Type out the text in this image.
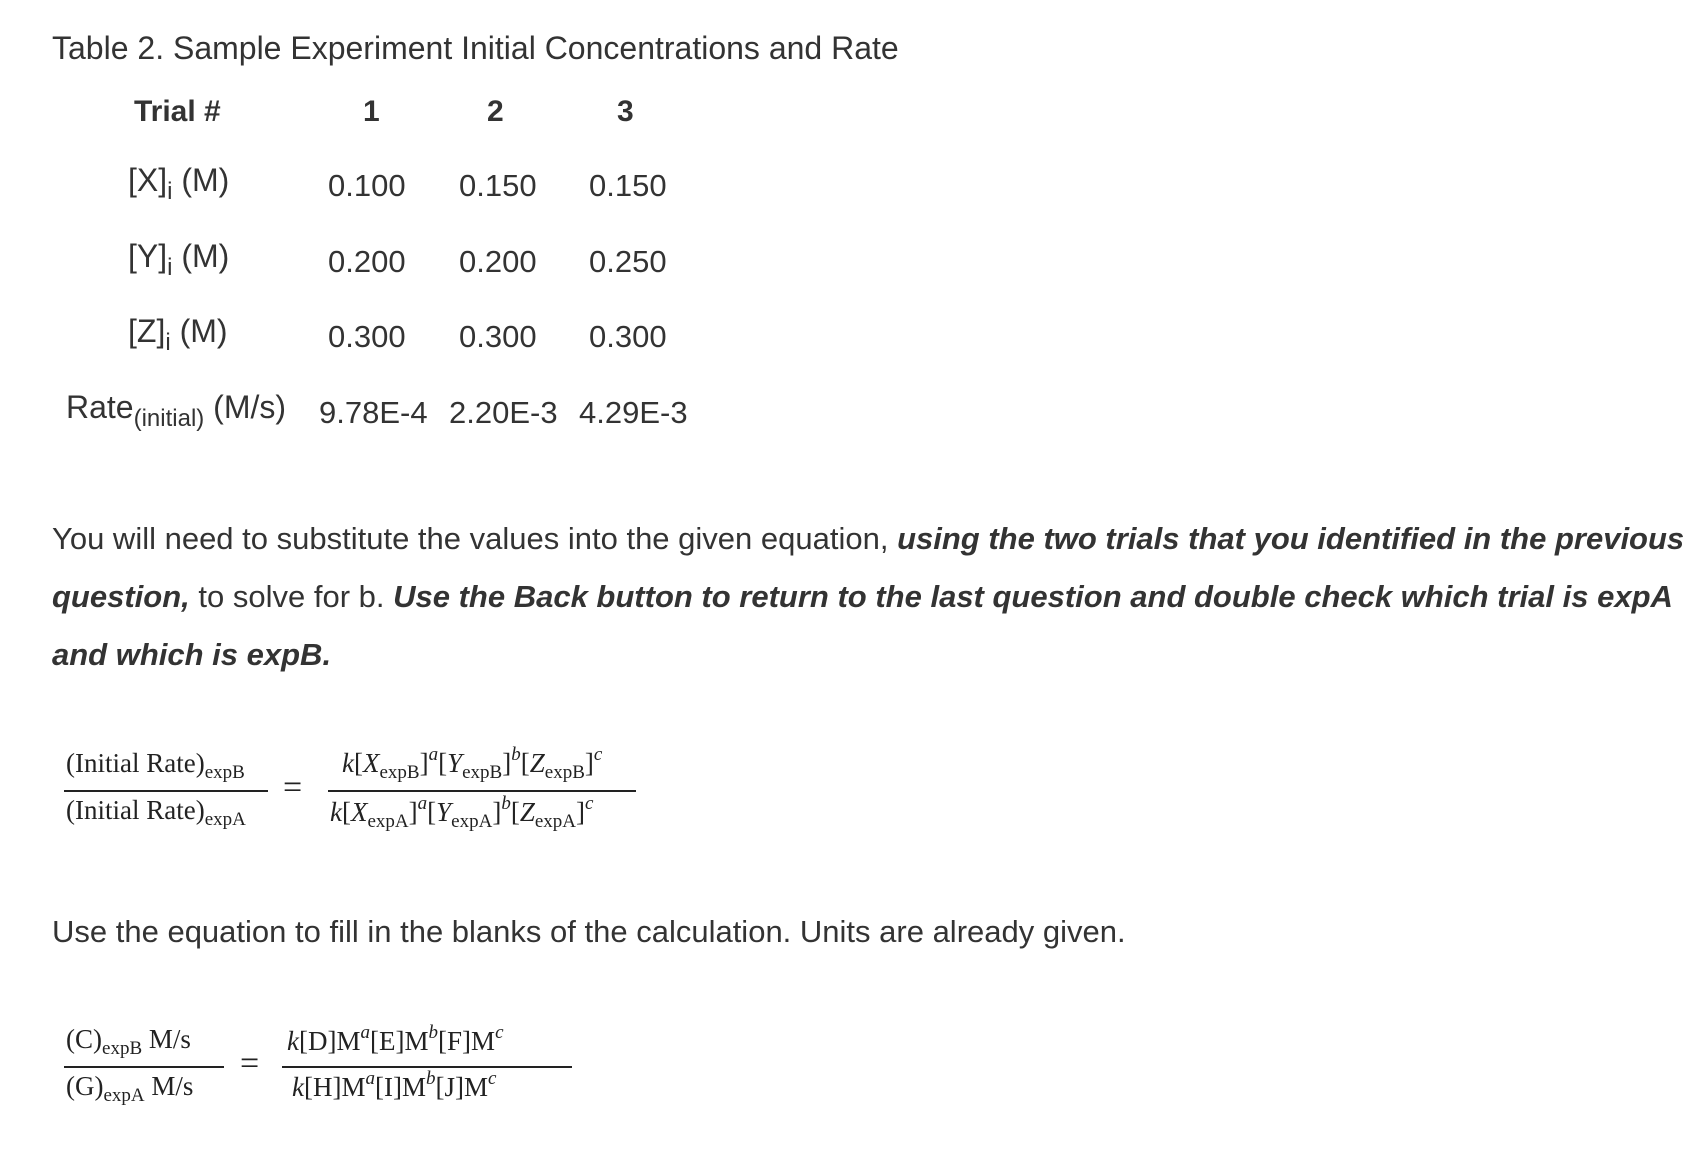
Table 2. Sample Experiment Initial Concentrations and Rate
Trial #	1	2	3
$[X]_i$ (M)	0.100 0.150 0.150
$[Y]_i$ (M)	0.200 0.200 0.250
$[Z]_i$ (M)	0.300 0.300 0.300
Rate$_{(initial)}$ (M/s) 9.78E-4 2.20E-3 4.29E-3
You will need to substitute the values into the given equation, using the two trials that you identified in the previous question, to solve for b. Use the Back button to return to the last question and double check which trial is expA and which is expB.
(Initial $Rate)_{expB}$
(Initial $Rate)_{expA}$
=
$k[X_{expB}]^a[Y_{expB}]^b[Z_{expB}]^c$
$k[X_{expA}]^a[Y_{expA}]^b[Z_{expA}]^c$
Use the equation to fill in the blanks of the calculation. Units are already given.
$(C)_{expB}$ M/s
$(G)_{expA}$ M/s
=
$k[D]M^a[E]M^b[F]M^c$
$k[H]M^a[I]M^b[J]M^c$
